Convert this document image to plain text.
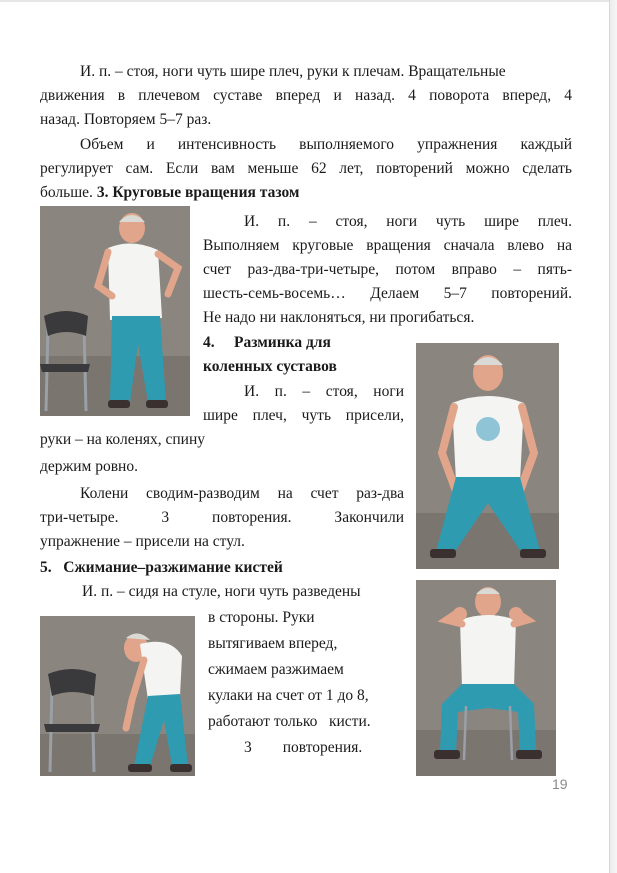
И. п. – стоя, ноги чуть шире плеч, руки к плечам. Вращательные

движения в плечевом суставе вперед и назад. 4 поворота вперед, 4

назад. Повторяем 5–7 раз.

Объем и интенсивность выполняемого упражнения каждый

регулирует сам. Если вам меньше 62 лет, повторений можно сделать

больше. 3. Круговые вращения тазом

И. п. – стоя, ноги чуть шире плеч.

Выполняем круговые вращения сначала влево на

счет раз-два-три-четыре, потом вправо – пять-

шесть-семь-восемь… Делаем 5–7 повторений.

Не надо ни наклоняться, ни прогибаться.

4.     Разминка для

коленных суставов

И. п. – стоя, ноги

шире плеч, чуть присели,

руки – на коленях, спину

держим ровно.

Колени сводим-разводим на счет раз-два

три-четыре. 3 повторения. Закончили

упражнение – присели на стул.

5.   Сжимание–разжимание кистей

И. п. – сидя на стуле, ноги чуть разведены

в стороны. Руки

вытягиваем вперед,

сжимаем разжимаем

кулаки на счет от 1 до 8,

работают только   кисти.

3        повторения.

19
